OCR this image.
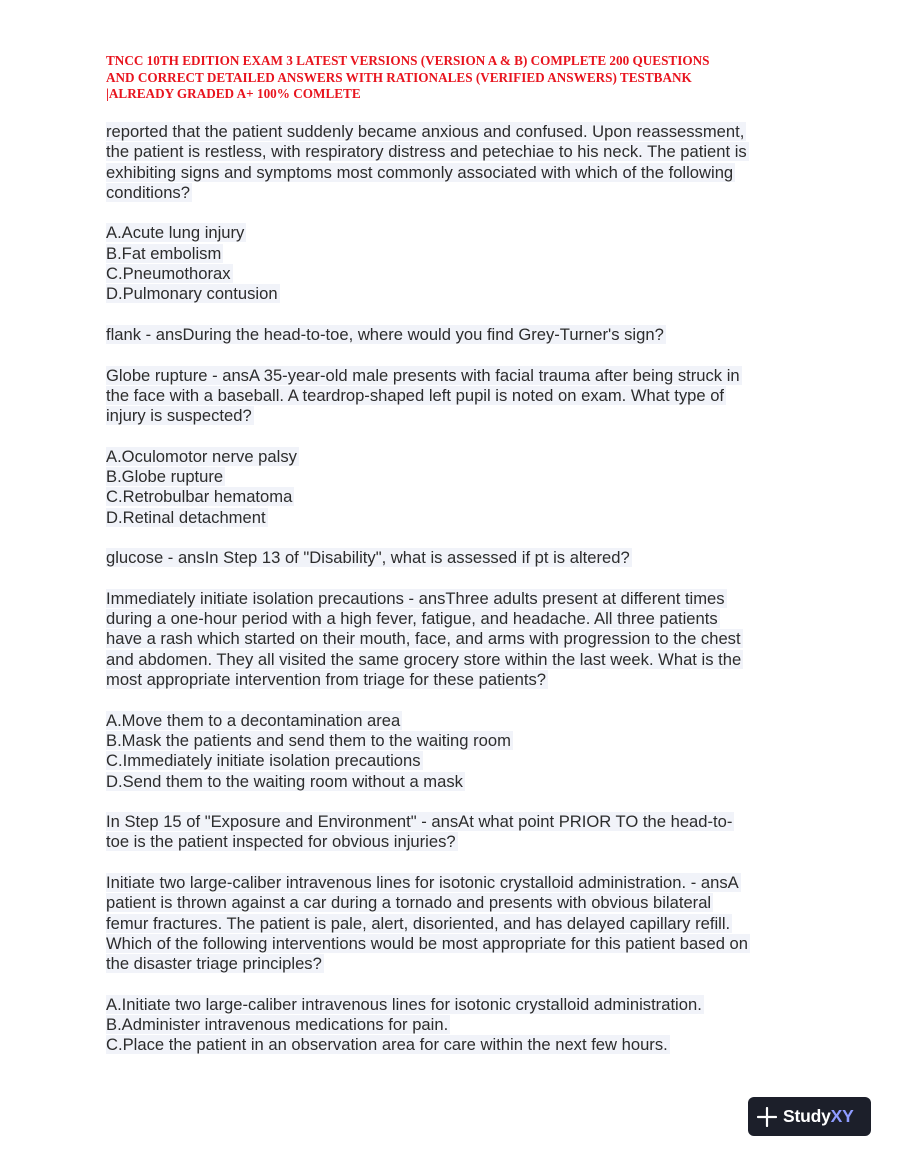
TNCC 10TH EDITION EXAM 3 LATEST VERSIONS (VERSION A & B) COMPLETE 200 QUESTIONS
AND CORRECT DETAILED ANSWERS WITH RATIONALES (VERIFIED ANSWERS) TESTBANK
|ALREADY GRADED A+ 100% COMLETE
reported that the patient suddenly became anxious and confused. Upon reassessment,
the patient is restless, with respiratory distress and petechiae to his neck. The patient is
exhibiting signs and symptoms most commonly associated with which of the following
conditions?
A.Acute lung injury
B.Fat embolism
C.Pneumothorax
D.Pulmonary contusion
flank - ansDuring the head-to-toe, where would you find Grey-Turner's sign?
Globe rupture - ansA 35-year-old male presents with facial trauma after being struck in
the face with a baseball. A teardrop-shaped left pupil is noted on exam. What type of
injury is suspected?
A.Oculomotor nerve palsy
B.Globe rupture
C.Retrobulbar hematoma
D.Retinal detachment
glucose - ansIn Step 13 of "Disability", what is assessed if pt is altered?
Immediately initiate isolation precautions - ansThree adults present at different times
during a one-hour period with a high fever, fatigue, and headache. All three patients
have a rash which started on their mouth, face, and arms with progression to the chest
and abdomen. They all visited the same grocery store within the last week. What is the
most appropriate intervention from triage for these patients?
A.Move them to a decontamination area
B.Mask the patients and send them to the waiting room
C.Immediately initiate isolation precautions
D.Send them to the waiting room without a mask
In Step 15 of "Exposure and Environment" - ansAt what point PRIOR TO the head-to-
toe is the patient inspected for obvious injuries?
Initiate two large-caliber intravenous lines for isotonic crystalloid administration. - ansA
patient is thrown against a car during a tornado and presents with obvious bilateral
femur fractures. The patient is pale, alert, disoriented, and has delayed capillary refill.
Which of the following interventions would be most appropriate for this patient based on
the disaster triage principles?
A.Initiate two large-caliber intravenous lines for isotonic crystalloid administration.
B.Administer intravenous medications for pain.
C.Place the patient in an observation area for care within the next few hours.
StudyXY
